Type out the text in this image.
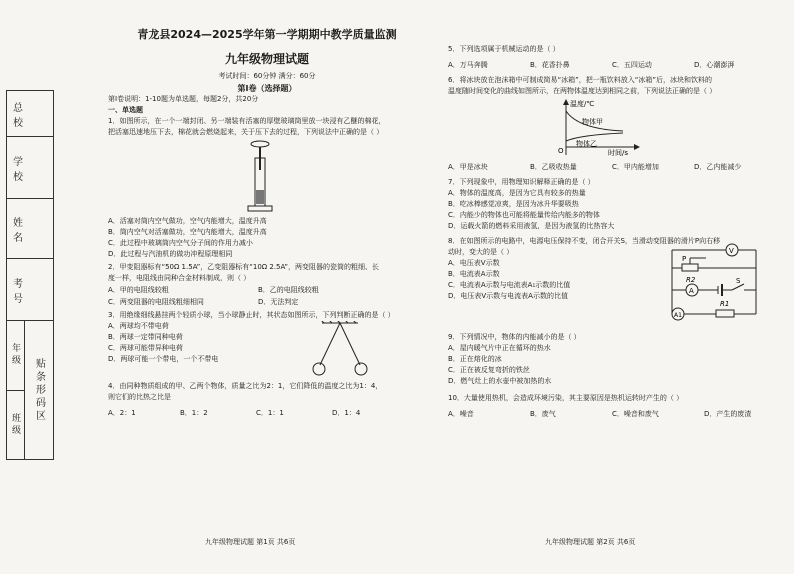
总 校
学 校
姓 名
考 号
年级
班级
贴条形码区
青龙县2024—2025学年第一学期期中教学质量监测
九年级物理试题
考试时间：60分钟 满分：60分
第Ⅰ卷（选择题）
第Ⅰ卷说明：1-10题为单选题，每题2分，共20分
一、单选题
1．如图所示，在一个一端封闭、另一端装有活塞的厚壁玻璃筒里放一块浸有乙醚的棉花，
把活塞迅速地压下去，棉花就会燃烧起来，关于压下去的过程，下列说法中正确的是（ ）
A．活塞对筒内空气做功，空气内能增大，温度升高
B．筒内空气对活塞做功，空气内能增大，温度升高
C．此过程中玻璃筒内空气分子间的作用力减小
D．此过程与汽油机的做功冲程原理相同
2．甲变阻器标有“50Ω 1.5A”，乙变阻器标有“10Ω 2.5A”，两变阻器的瓷筒的粗细、长
度一样，电阻线由同种合金材料制成，则（ ）
A．甲的电阻线较粗	B．乙的电阻线较粗
C．两变阻器的电阻线粗细相同	D．无法判定
3．用绝缘细线悬挂两个轻质小球，当小球静止时，其状态如图所示，下列判断正确的是（ ）
A．两球均不带电荷
B．两球一定带同种电荷
C．两球可能带异种电荷
D．两球可能一个带电，一个不带电
4．由同种物质组成的甲、乙两个物体，质量之比为2：1，它们降低的温度之比为1：4，
则它们的比热之比是
A．2：1	B．1：2	C．1：1	D．1：4
九年级物理试题 第1页 共6页
5．下列选项属于机械运动的是（ ）
A．万马奔腾	B．花香扑鼻	C．五四运动	D．心潮澎湃
6．将冰块放在泡沫箱中可制成简易“冰箱”，把一瓶饮料放入“冰箱”后，冰块和饮料的
温度随时间变化的曲线如图所示，在两物体温度达到相同之前，下列说法正确的是（ ）
温度/℃
物体甲
物体乙
时间/s
O
A．甲是冰块	B．乙吸收热量	C．甲内能增加	D．乙内能减少
7．下列现象中，用物理知识解释正确的是（ ）
A．物体的温度高，是因为它具有较多的热量
B．吃冰棒感觉凉爽，是因为冰升华要吸热
C．内能少的物体也可能将能量传给内能多的物体
D．运载火箭的燃料采用液氢，是因为液氢的比热容大
8．在如图所示的电路中，电源电压保持不变，闭合开关S，当滑动变阻器的滑片P向右移
动时，变大的是（ ）
A．电压表V示数
B．电流表A示数
C．电流表A示数与电流表A₁示数的比值
D．电压表V示数与电流表A示数的比值
V
P
R2
A
S
A1
R1
9．下列情况中，物体的内能减小的是（ ）
A．屋内暖气片中正在循环的热水
B．正在熔化的冰
C．正在被反复弯折的铁丝
D．燃气灶上的水壶中被加热的水
10．大量使用热机，会造成环境污染，其主要原因是热机运转时产生的（ ）
A．噪音	B．废气	C．噪音和废气	D．产生的废渣
九年级物理试题 第2页 共6页
